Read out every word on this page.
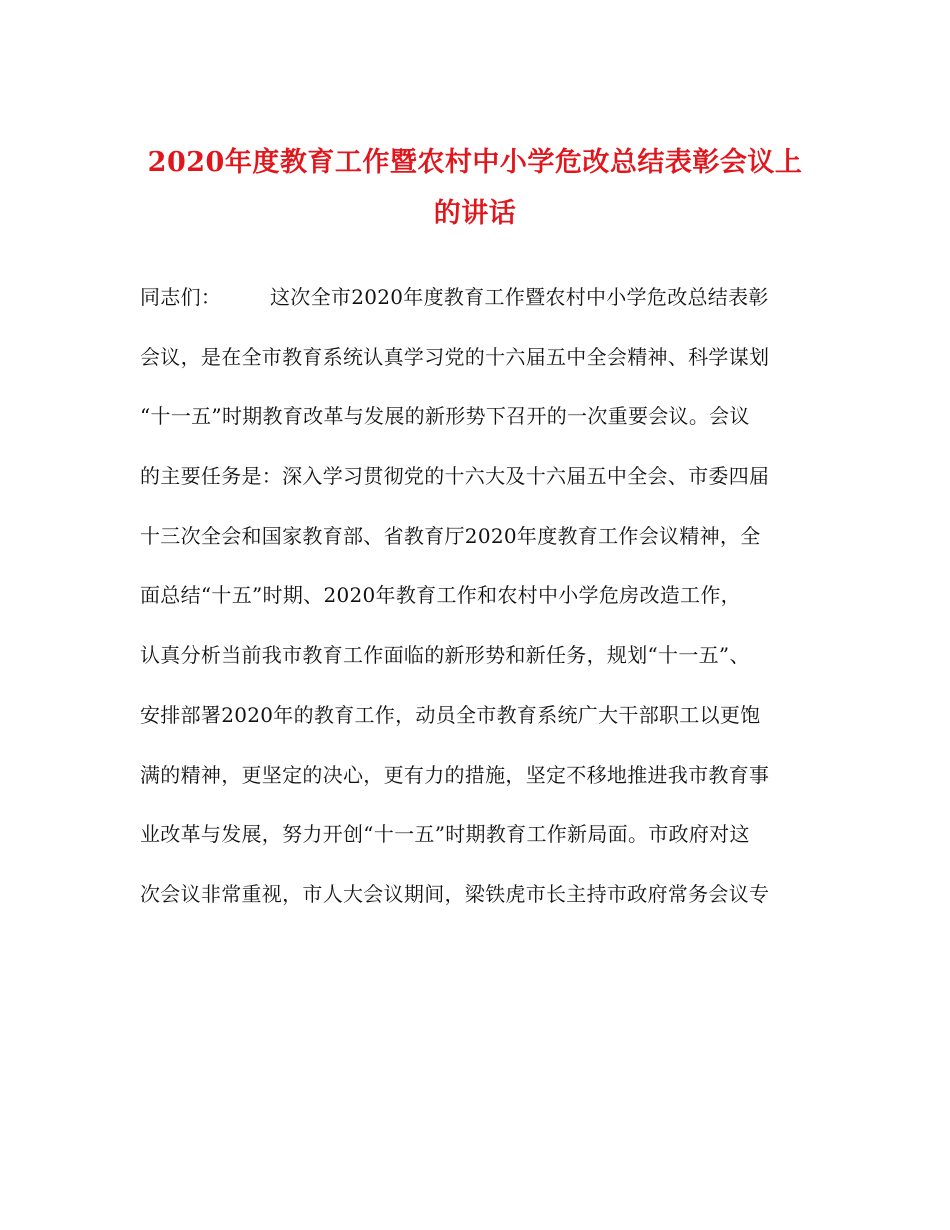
2020年度教育工作暨农村中小学危改总结表彰会议上
的讲话
同志们： 这次全市2020年度教育工作暨农村中小学危改总结表彰
会议，是在全市教育系统认真学习党的十六届五中全会精神、科学谋划
“十一五”时期教育改革与发展的新形势下召开的一次重要会议。会议
的主要任务是：深入学习贯彻党的十六大及十六届五中全会、市委四届
十三次全会和国家教育部、省教育厅2020年度教育工作会议精神，全
面总结“十五”时期、2020年教育工作和农村中小学危房改造工作，
认真分析当前我市教育工作面临的新形势和新任务，规划“十一五”、
安排部署2020年的教育工作，动员全市教育系统广大干部职工以更饱
满的精神，更坚定的决心，更有力的措施，坚定不移地推进我市教育事
业改革与发展，努力开创“十一五”时期教育工作新局面。市政府对这
次会议非常重视，市人大会议期间，梁铁虎市长主持市政府常务会议专
